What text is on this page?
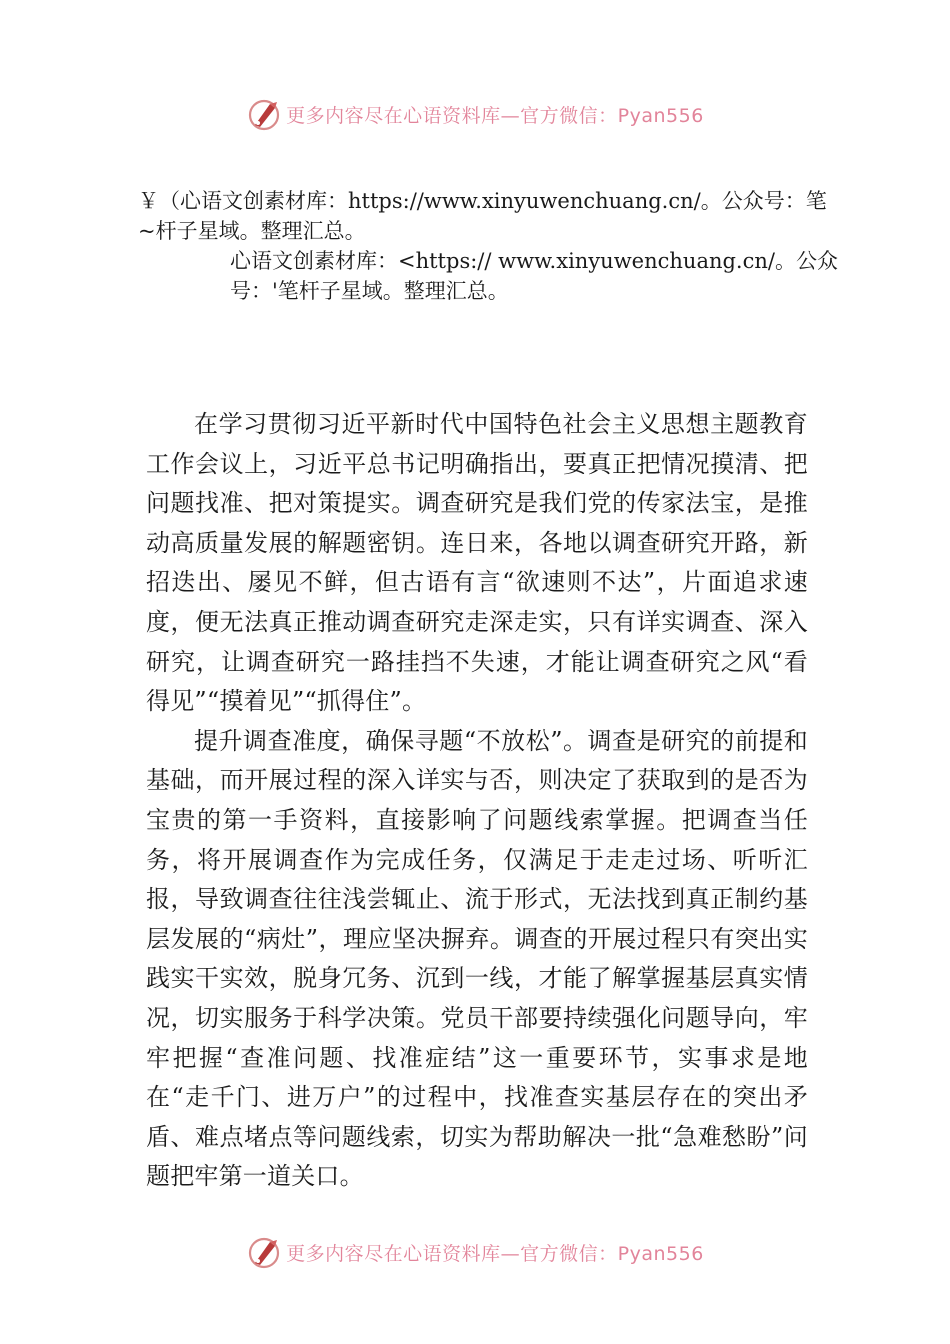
更多内容尽在心语资料库—官方微信：Pyan556
￥（心语文创素材库：https://www.xinyuwenchuang.cn/。公众号：笔~杆子星域。整理汇总。
心语文创素材库：<https:// www.xinyuwenchuang.cn/。公众号：'笔杆子星域。整理汇总。

在学习贯彻习近平新时代中国特色社会主义思想主题教育工作会议上，习近平总书记明确指出，要真正把情况摸清、把问题找准、把对策提实。调查研究是我们党的传家法宝，是推动高质量发展的解题密钥。连日来，各地以调查研究开路，新招迭出、屡见不鲜，但古语有言“欲速则不达”，片面追求速度，便无法真正推动调查研究走深走实，只有详实调查、深入研究，让调查研究一路挂挡不失速，才能让调查研究之风“看得见”“摸着见”“抓得住”。

提升调查准度，确保寻题“不放松”。调查是研究的前提和基础，而开展过程的深入详实与否，则决定了获取到的是否为宝贵的第一手资料，直接影响了问题线索掌握。把调查当任务，将开展调查作为完成任务，仅满足于走走过场、听听汇报，导致调查往往浅尝辄止、流于形式，无法找到真正制约基层发展的“病灶”，理应坚决摒弃。调查的开展过程只有突出实践实干实效，脱身冗务、沉到一线，才能了解掌握基层真实情况，切实服务于科学决策。党员干部要持续强化问题导向，牢牢把握“查准问题、找准症结”这一重要环节，实事求是地在“走千门、进万户”的过程中，找准查实基层存在的突出矛盾、难点堵点等问题线索，切实为帮助解决一批“急难愁盼”问题把牢第一道关口。

更多内容尽在心语资料库—官方微信：Pyan556
